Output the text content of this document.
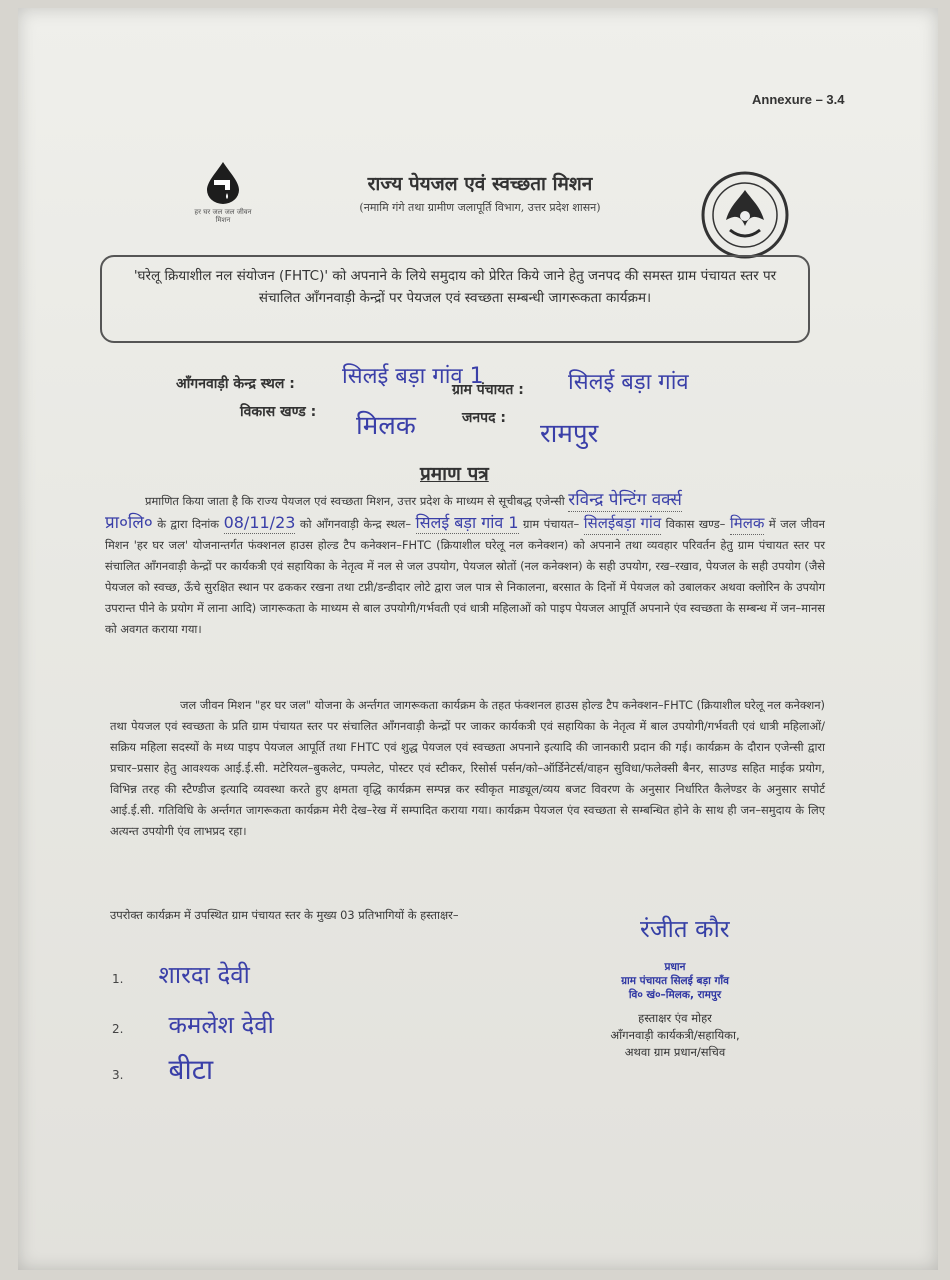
Annexure – 3.4
हर घर जल जल जीवन मिशन
राज्य पेयजल एवं स्वच्छता मिशन
(नमामि गंगे तथा ग्रामीण जलापूर्ति विभाग, उत्तर प्रदेश शासन)
'घरेलू क्रियाशील नल संयोजन (FHTC)' को अपनाने के लिये समुदाय को प्रेरित किये जाने हेतु जनपद की समस्त ग्राम पंचायत स्तर पर संचालित आँगनवाड़ी केन्द्रों पर पेयजल एवं स्वच्छता सम्बन्धी जागरूकता कार्यक्रम।
आँगनवाड़ी केन्द्र स्थल : सिलई बड़ा गांव 1
ग्राम पंचायत : सिलई बड़ा गांव
विकास खण्ड : मिलक	जनपद :
रामपुर
प्रमाण पत्र
प्रमाणित किया जाता है कि राज्य पेयजल एवं स्वच्छता मिशन, उत्तर प्रदेश के माध्यम से सूचीबद्ध एजेन्सी रविन्द्र पेन्टिंग वर्क्स
प्रा०लि० के द्वारा दिनांक 08/11/23 को आँगनवाड़ी केन्द्र स्थल– सिलई बड़ा गांव 1 ग्राम पंचायत– सिलईबड़ा गांव विकास खण्ड– मिलक में जल जीवन मिशन 'हर घर जल' योजनान्तर्गत फंक्शनल हाउस होल्ड टैप कनेक्शन–FHTC (क्रियाशील घरेलू नल कनेक्शन) को अपनाने तथा व्यवहार परिवर्तन हेतु ग्राम पंचायत स्तर पर संचालित आँगनवाड़ी केन्द्रों पर कार्यकत्री एवं सहायिका के नेतृत्व में नल से जल उपयोग, पेयजल स्रोतों (नल कनेक्शन) के सही उपयोग, रख–रखाव, पेयजल के सही उपयोग (जैसे पेयजल को स्वच्छ, ऊँचे सुरक्षित स्थान पर ढककर रखना तथा टप्नी/डन्डीदार लोटे द्वारा जल पात्र से निकालना, बरसात के दिनों में पेयजल को उबालकर अथवा क्लोरिन के उपयोग उपरान्त पीने के प्रयोग में लाना आदि) जागरूकता के माध्यम से बाल उपयोगी/गर्भवती एवं धात्री महिलाओं को पाइप पेयजल आपूर्ति अपनाने एंव स्वच्छता के सम्बन्ध में जन–मानस को अवगत कराया गया।
जल जीवन मिशन "हर घर जल" योजना के अर्न्तगत जागरूकता कार्यक्रम के तहत फंक्शनल हाउस होल्ड टैप कनेक्शन–FHTC (क्रियाशील घरेलू नल कनेक्शन) तथा पेयजल एवं स्वच्छता के प्रति ग्राम पंचायत स्तर पर संचालित आँगनवाड़ी केन्द्रों पर जाकर कार्यकत्री एवं सहायिका के नेतृत्व में बाल उपयोगी/गर्भवती एवं धात्री महिलाओं/सक्रिय महिला सदस्यों के मध्य पाइप पेयजल आपूर्ति तथा FHTC एवं शुद्ध पेयजल एवं स्वच्छता अपनाने इत्यादि की जानकारी प्रदान की गई। कार्यक्रम के दौरान एजेन्सी द्वारा प्रचार–प्रसार हेतु आवश्यक आई.ई.सी. मटेरियल–बुकलेट, पम्पलेट, पोस्टर एवं स्टीकर, रिसोर्स पर्सन/को–ऑर्डिनेटर्स/वाहन सुविधा/फलेक्सी बैनर, साउण्ड सहित माईक प्रयोग, विभिन्न तरह की स्टैण्डीज इत्यादि व्यवस्था करते हुए क्षमता वृद्धि कार्यक्रम सम्पन्न कर स्वीकृत माड्यूल/व्यय बजट विवरण के अनुसार निर्धारित कैलेण्डर के अनुसार सपोर्ट आई.ई.सी. गतिविधि के अर्न्तगत जागरूकता कार्यक्रम मेरी देख–रेख में सम्पादित कराया गया। कार्यक्रम पेयजल एंव स्वच्छता से सम्बन्धित होने के साथ ही जन–समुदाय के लिए अत्यन्त उपयोगी एंव लाभप्रद रहा।
उपरोक्त कार्यक्रम में उपस्थित ग्राम पंचायत स्तर के मुख्य 03 प्रतिभागियों के हस्ताक्षर–
1. शारदा देवी
2. कमलेश देवी
3. बीटा
रंजीत कौर
प्रधान
ग्राम पंचायत सिलई बड़ा गाँव
वि० खं०–मिलक, रामपुर
हस्ताक्षर एंव मोहर
आँगनवाड़ी कार्यकत्री/सहायिका,
अथवा ग्राम प्रधान/सचिव
